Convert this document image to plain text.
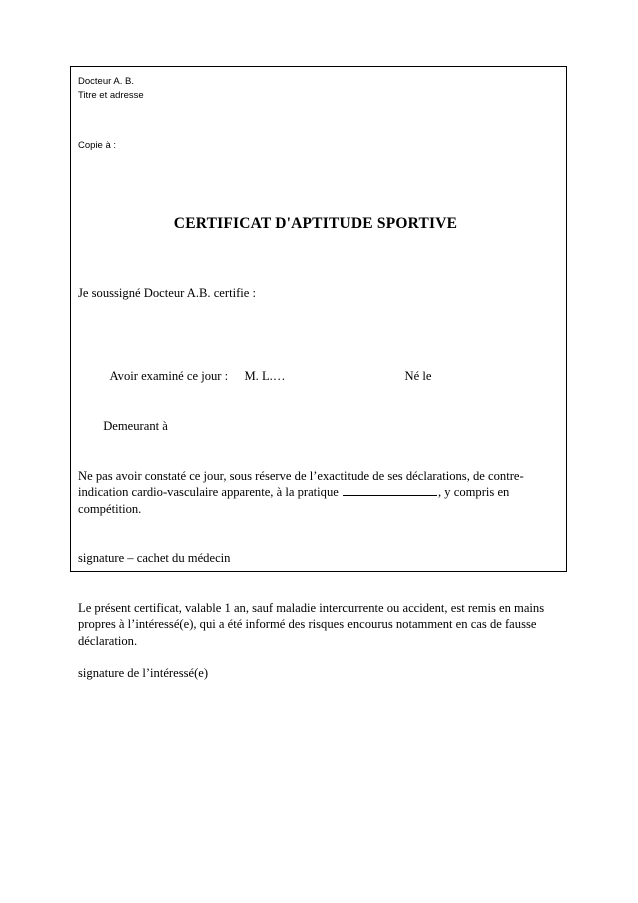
Docteur A. B.
Titre et adresse
Copie à :
CERTIFICAT D'APTITUDE SPORTIVE
Je soussigné Docteur A.B. certifie :

Avoir examiné ce jour : M. L.…	Né le

Demeurant à

Ne pas avoir constaté ce jour, sous réserve de l’exactitude de ses déclarations, de contre-indication cardio-vasculaire apparente, à la pratique	, y compris en compétition.
signature – cachet du médecin
Le présent certificat, valable 1 an, sauf maladie intercurrente ou accident, est remis en mains propres à l’intéressé(e), qui a été informé des risques encourus notamment en cas de fausse déclaration.
signature de l’intéressé(e)
